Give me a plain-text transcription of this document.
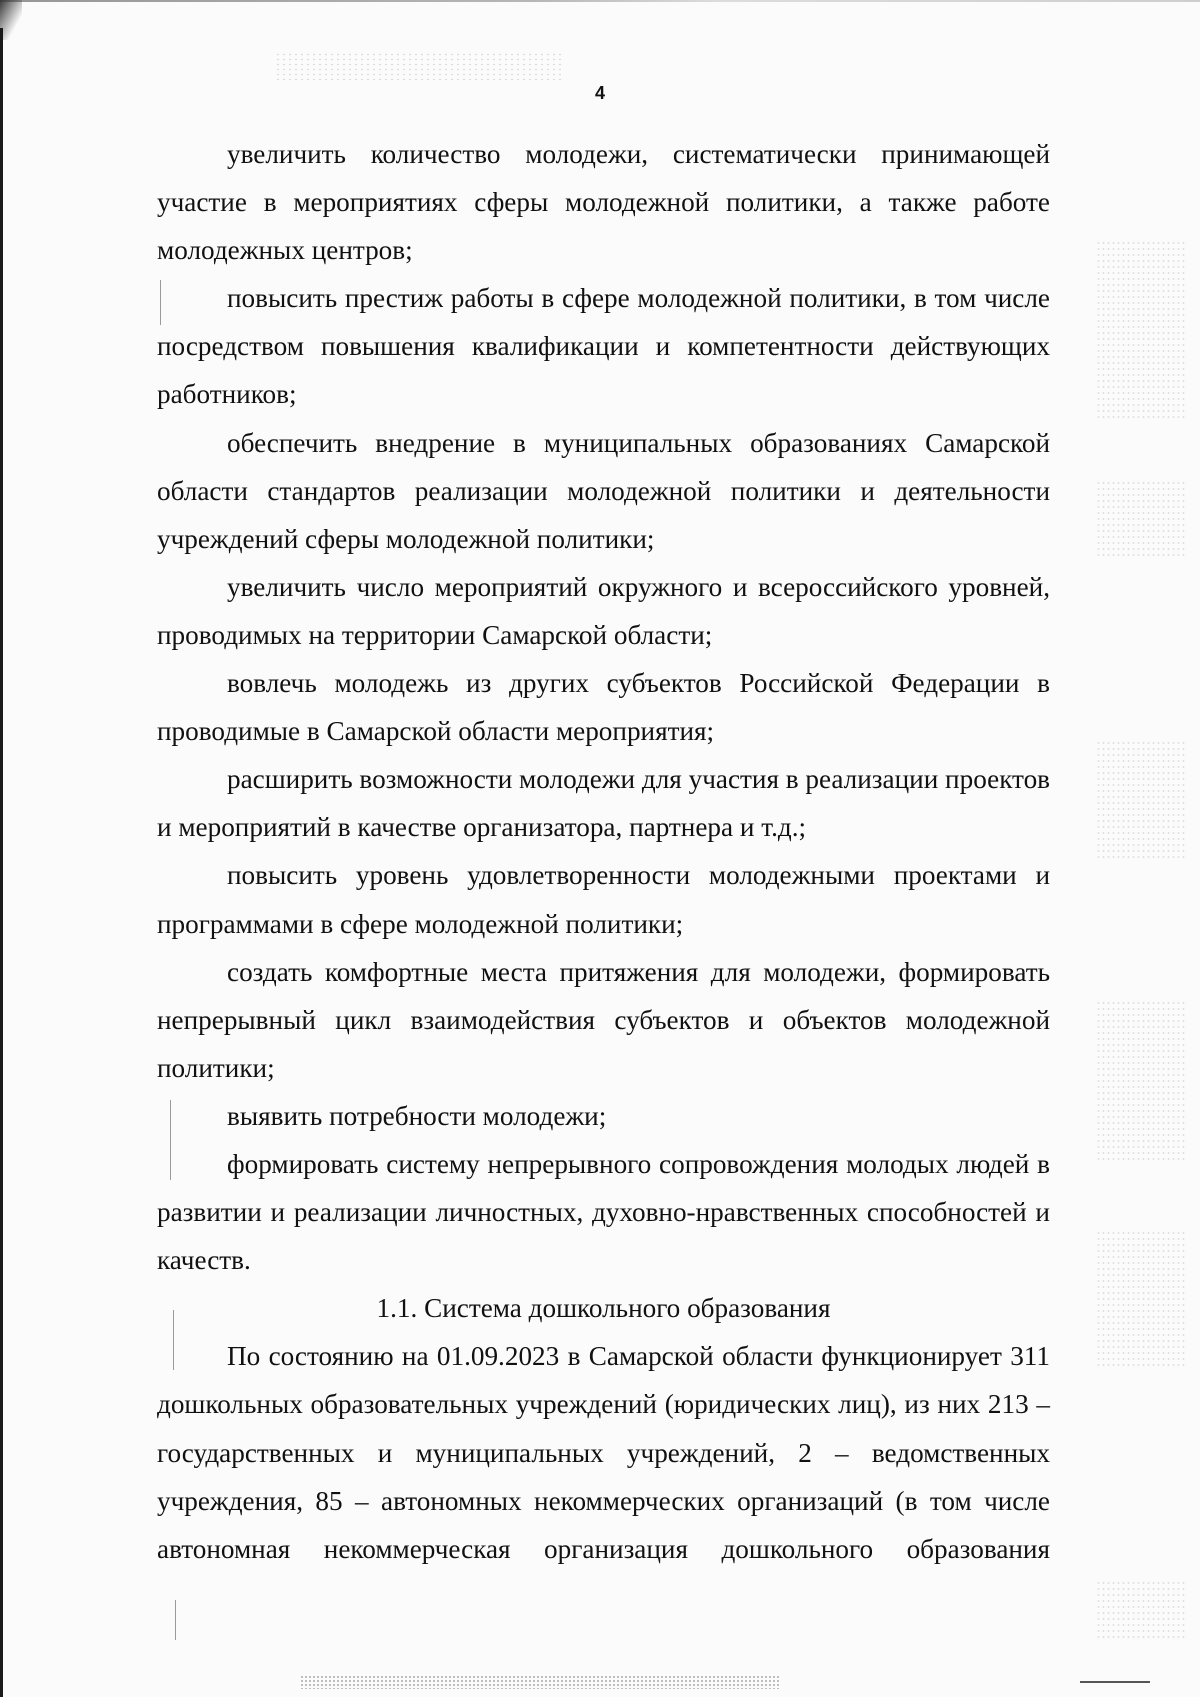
4

увеличить количество молодежи, систематически принимающей участие в мероприятиях сферы молодежной политики, а также работе молодежных центров;

повысить престиж работы в сфере молодежной политики, в том числе посредством повышения квалификации и компетентности действующих работников;

обеспечить внедрение в муниципальных образованиях Самарской области стандартов реализации молодежной политики и деятельности учреждений сферы молодежной политики;

увеличить число мероприятий окружного и всероссийского уровней, проводимых на территории Самарской области;

вовлечь молодежь из других субъектов Российской Федерации в проводимые в Самарской области мероприятия;

расширить возможности молодежи для участия в реализации проектов и мероприятий в качестве организатора, партнера и т.д.;

повысить уровень удовлетворенности молодежными проектами и программами в сфере молодежной политики;

создать комфортные места притяжения для молодежи, формировать непрерывный цикл взаимодействия субъектов и объектов молодежной политики;

выявить потребности молодежи;

формировать систему непрерывного сопровождения молодых людей в развитии и реализации личностных, духовно-нравственных способностей и качеств.

1.1. Система дошкольного образования

По состоянию на 01.09.2023 в Самарской области функционирует 311 дошкольных образовательных учреждений (юридических лиц), из них 213 – государственных и муниципальных учреждений, 2 – ведомственных учреждения, 85 – автономных некоммерческих организаций (в том числе автономная некоммерческая организация дошкольного образования
